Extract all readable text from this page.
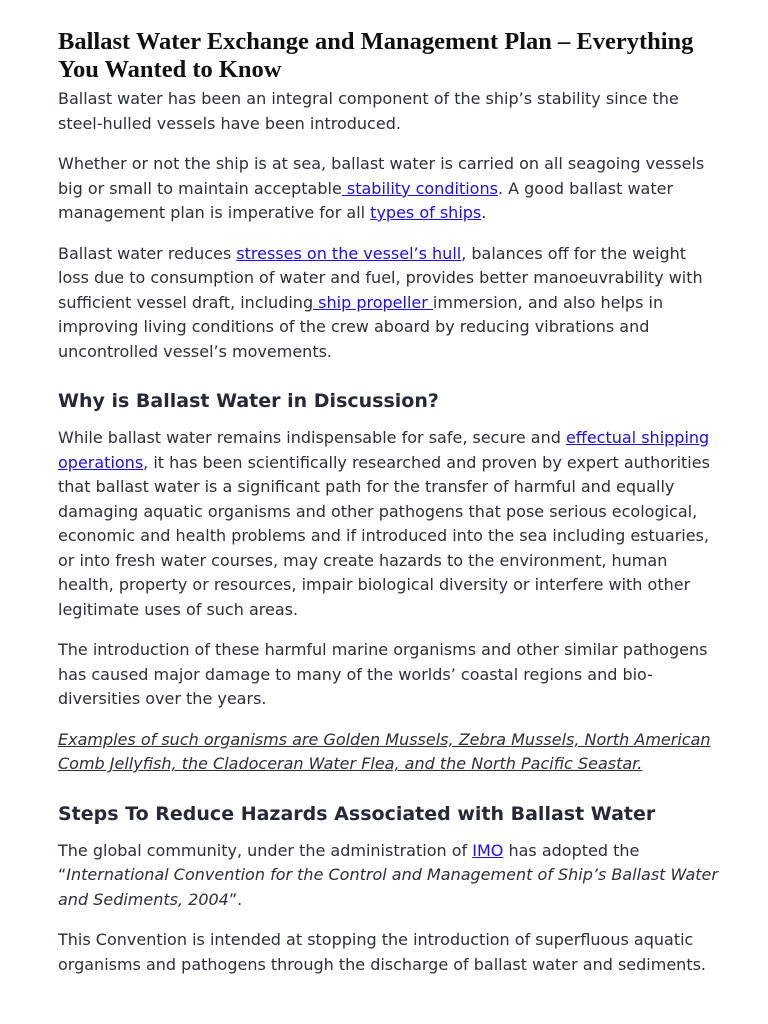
Ballast Water Exchange and Management Plan – Everything You Wanted to Know

Ballast water has been an integral component of the ship’s stability since the steel-hulled vessels have been introduced.

Whether or not the ship is at sea, ballast water is carried on all seagoing vessels big or small to maintain acceptable stability conditions. A good ballast water management plan is imperative for all types of ships.

Ballast water reduces stresses on the vessel’s hull, balances off for the weight loss due to consumption of water and fuel, provides better manoeuvrability with sufficient vessel draft, including ship propeller immersion, and also helps in improving living conditions of the crew aboard by reducing vibrations and uncontrolled vessel’s movements.

Why is Ballast Water in Discussion?

While ballast water remains indispensable for safe, secure and effectual shipping operations, it has been scientifically researched and proven by expert authorities that ballast water is a significant path for the transfer of harmful and equally damaging aquatic organisms and other pathogens that pose serious ecological, economic and health problems and if introduced into the sea including estuaries, or into fresh water courses, may create hazards to the environment, human health, property or resources, impair biological diversity or interfere with other legitimate uses of such areas.

The introduction of these harmful marine organisms and other similar pathogens has caused major damage to many of the worlds’ coastal regions and bio-diversities over the years.

Examples of such organisms are Golden Mussels, Zebra Mussels, North American Comb Jellyfish, the Cladoceran Water Flea, and the North Pacific Seastar.

Steps To Reduce Hazards Associated with Ballast Water

The global community, under the administration of IMO has adopted the “International Convention for the Control and Management of Ship’s Ballast Water and Sediments, 2004”.

This Convention is intended at stopping the introduction of superfluous aquatic organisms and pathogens through the discharge of ballast water and sediments.
